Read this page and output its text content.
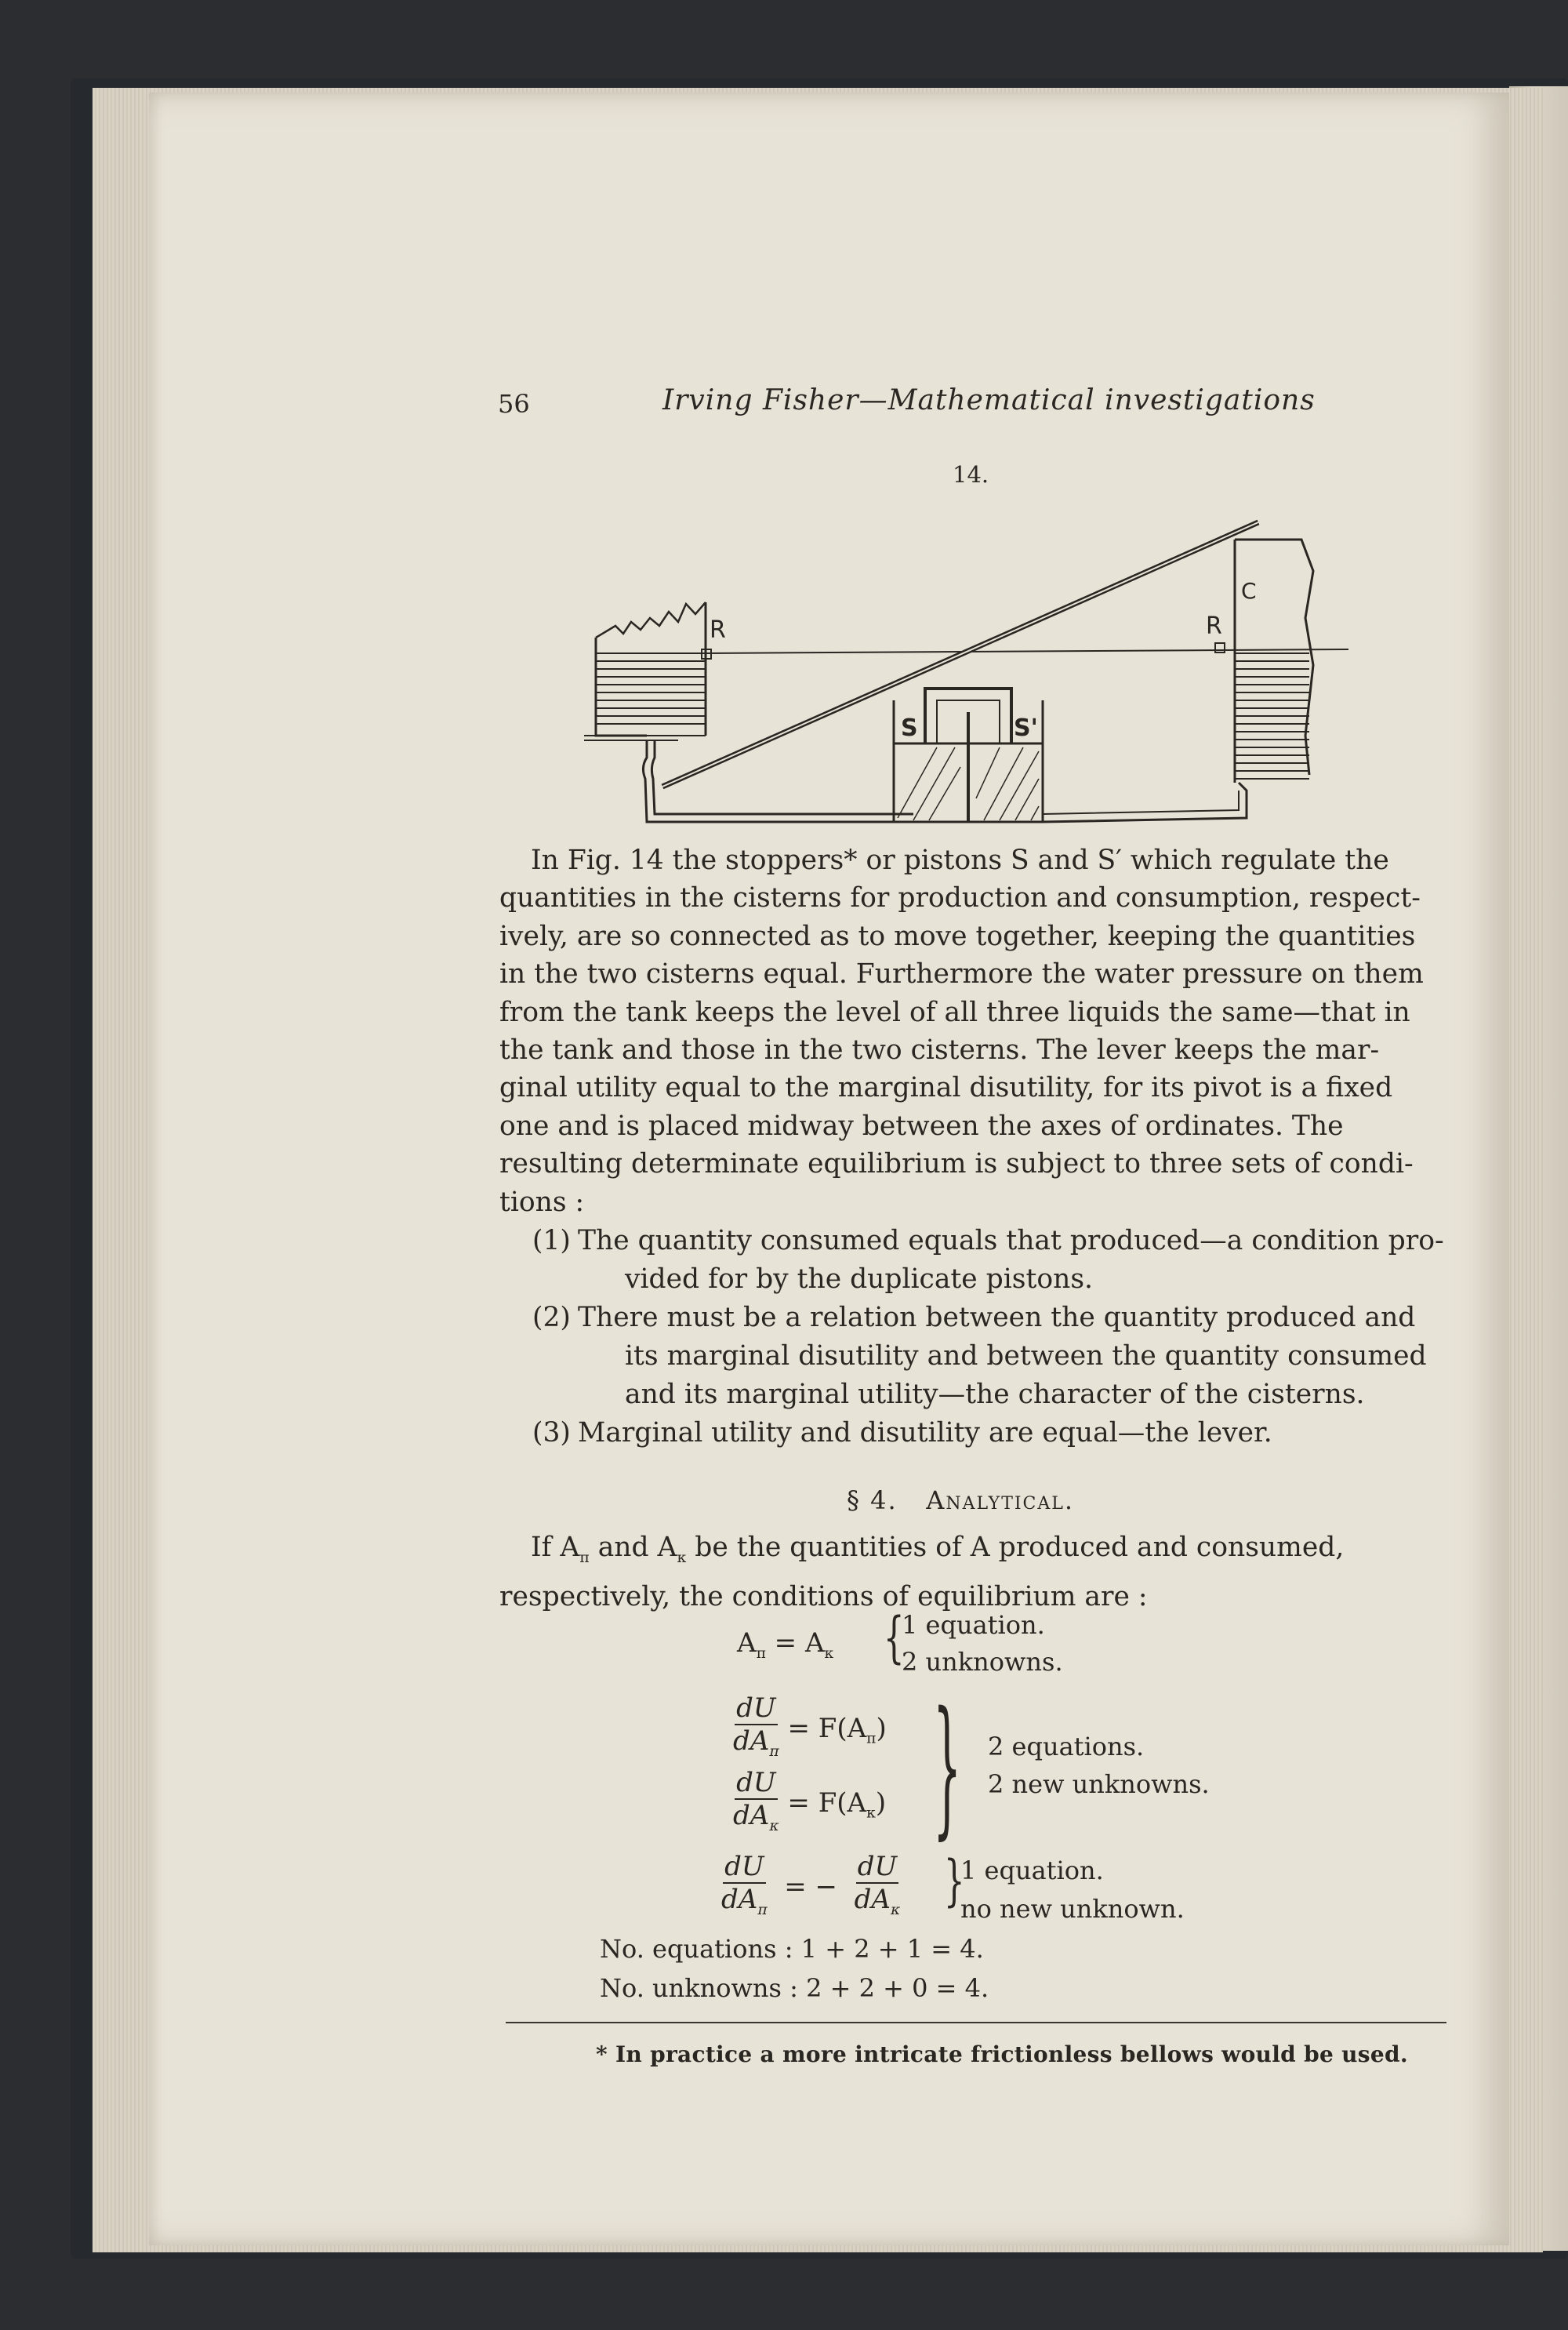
56	Irving Fisher—Mathematical investigations
14.
C
R	R
S	S'

In Fig. 14 the stoppers* or pistons S and S′ which regulate the

quantities in the cisterns for production and consumption, respect-
ively, are so connected as to move together, keeping the quantities
in the two cisterns equal. Furthermore the water pressure on them
from the tank keeps the level of all three liquids the same—that in
the tank and those in the two cisterns. The lever keeps the mar-
ginal utility equal to the marginal disutility, for its pivot is a fixed
one and is placed midway between the axes of ordinates. The
resulting determinate equilibrium is subject to three sets of condi-
tions :
(1) The quantity consumed equals that produced—a condition pro-
vided for by the duplicate pistons.
(2) There must be a relation between the quantity produced and
its marginal disutility and between the quantity consumed
and its marginal utility—the character of the cisterns.
(3) Marginal utility and disutility are equal—the lever.
§ 4. Analytical.

If $A_\pi$ and $A_\kappa$ be the quantities of A produced and consumed,

respectively, the conditions of equilibrium are :
$A_\pi = A_\kappa$ {
1 equation.
2 unknowns.
$\frac{dU}{dA_\pi} = F(A_\pi)$
$\frac{dU}{dA_\kappa} = F(A_\kappa)$ } 2 equations.
2 new unknowns.
$\frac{dU}{dA_\pi}$ = − $\frac{dU}{dA_\kappa}$ }
1 equation.
no new unknown.
No. equations : 1 + 2 + 1 = 4.
No. unknowns : 2 + 2 + 0 = 4.
* In practice a more intricate frictionless bellows would be used.
